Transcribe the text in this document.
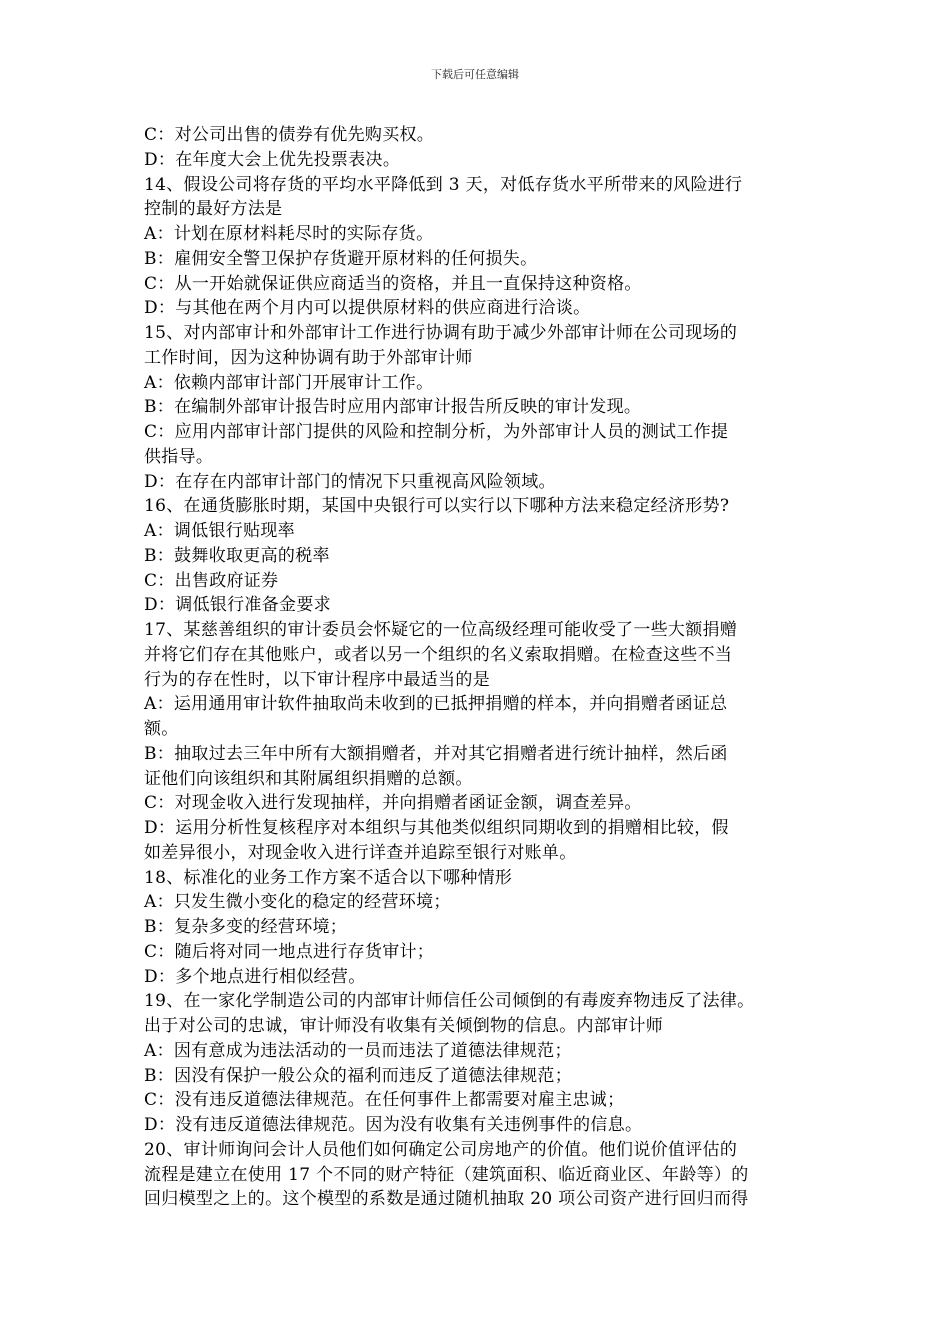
下载后可任意编辑

C：对公司出售的债券有优先购买权。

D：在年度大会上优先投票表决。

14、假设公司将存货的平均水平降低到 3 天，对低存货水平所带来的风险进行

控制的最好方法是

A：计划在原材料耗尽时的实际存货。

B：雇佣安全警卫保护存货避开原材料的任何损失。

C：从一开始就保证供应商适当的资格，并且一直保持这种资格。

D：与其他在两个月内可以提供原材料的供应商进行洽谈。

15、对内部审计和外部审计工作进行协调有助于减少外部审计师在公司现场的

工作时间，因为这种协调有助于外部审计师

A：依赖内部审计部门开展审计工作。

B：在编制外部审计报告时应用内部审计报告所反映的审计发现。

C：应用内部审计部门提供的风险和控制分析，为外部审计人员的测试工作提

供指导。

D：在存在内部审计部门的情况下只重视高风险领域。

16、在通货膨胀时期，某国中央银行可以实行以下哪种方法来稳定经济形势?

A：调低银行贴现率

B：鼓舞收取更高的税率

C：出售政府证券

D：调低银行准备金要求

17、某慈善组织的审计委员会怀疑它的一位高级经理可能收受了一些大额捐赠

并将它们存在其他账户，或者以另一个组织的名义索取捐赠。在检查这些不当

行为的存在性时，以下审计程序中最适当的是

A：运用通用审计软件抽取尚未收到的已抵押捐赠的样本，并向捐赠者函证总

额。

B：抽取过去三年中所有大额捐赠者，并对其它捐赠者进行统计抽样，然后函

证他们向该组织和其附属组织捐赠的总额。

C：对现金收入进行发现抽样，并向捐赠者函证金额，调查差异。

D：运用分析性复核程序对本组织与其他类似组织同期收到的捐赠相比较，假

如差异很小，对现金收入进行详查并追踪至银行对账单。

18、标准化的业务工作方案不适合以下哪种情形

A：只发生微小变化的稳定的经营环境；

B：复杂多变的经营环境；

C：随后将对同一地点进行存货审计；

D：多个地点进行相似经营。

19、在一家化学制造公司的内部审计师信任公司倾倒的有毒废弃物违反了法律。

出于对公司的忠诚，审计师没有收集有关倾倒物的信息。内部审计师

A：因有意成为违法活动的一员而违法了道德法律规范；

B：因没有保护一般公众的福利而违反了道德法律规范；

C：没有违反道德法律规范。在任何事件上都需要对雇主忠诚；

D：没有违反道德法律规范。因为没有收集有关违例事件的信息。

20、审计师询问会计人员他们如何确定公司房地产的价值。他们说价值评估的

流程是建立在使用 17 个不同的财产特征（建筑面积、临近商业区、年龄等）的

回归模型之上的。这个模型的系数是通过随机抽取 20 项公司资产进行回归而得
